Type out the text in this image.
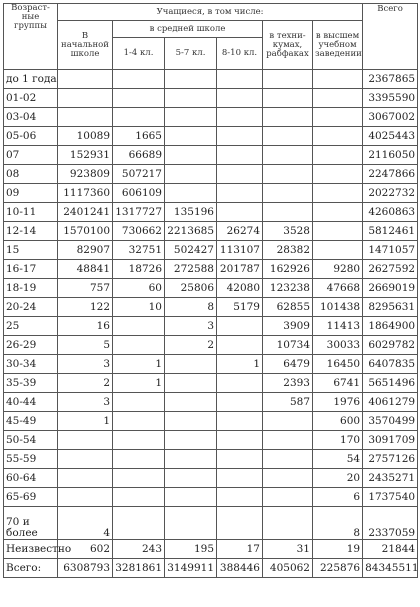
Возраст-
ные группы	Учащиеся, в том числе:						Всего
	В начальной школе	в средней школе			в техни-кумах, рабфаках	в высшем учебном заведении	
		1-4 кл.	5-7 кл.	8-10 кл.			
до 1 года							2367865
01-02							3395590
03-04							3067002
05-06	10089	1665					4025443
07	152931	66689					2116050
08	923809	507217					2247866
09	1117360	606109					2022732
10-11	2401241	1317727	135196				4260863
12-14	1570100	730662	2213685	26274	3528		5812461
15	82907	32751	502427	113107	28382		1471057
16-17	48841	18726	272588	201787	162926	9280	2627592
18-19	757	60	25806	42080	123238	47668	2669019
20-24	122	10	8	5179	62855	101438	8295631
25	16		3		3909	11413	1864900
26-29	5		2		10734	30033	6029782
30-34	3	1		1	6479	16450	6407835
35-39	2	1			2393	6741	5651496
40-44	3				587	1976	4061279
45-49	1					600	3570499
50-54						170	3091709
55-59						54	2757126
60-64						20	2435271
65-69						6	1737540
70 и более	4					8	2337059
Неизвестно	602	243	195	17	31	19	21844
Всего:	6308793	3281861	3149911	388446	405062	225876	84345511
